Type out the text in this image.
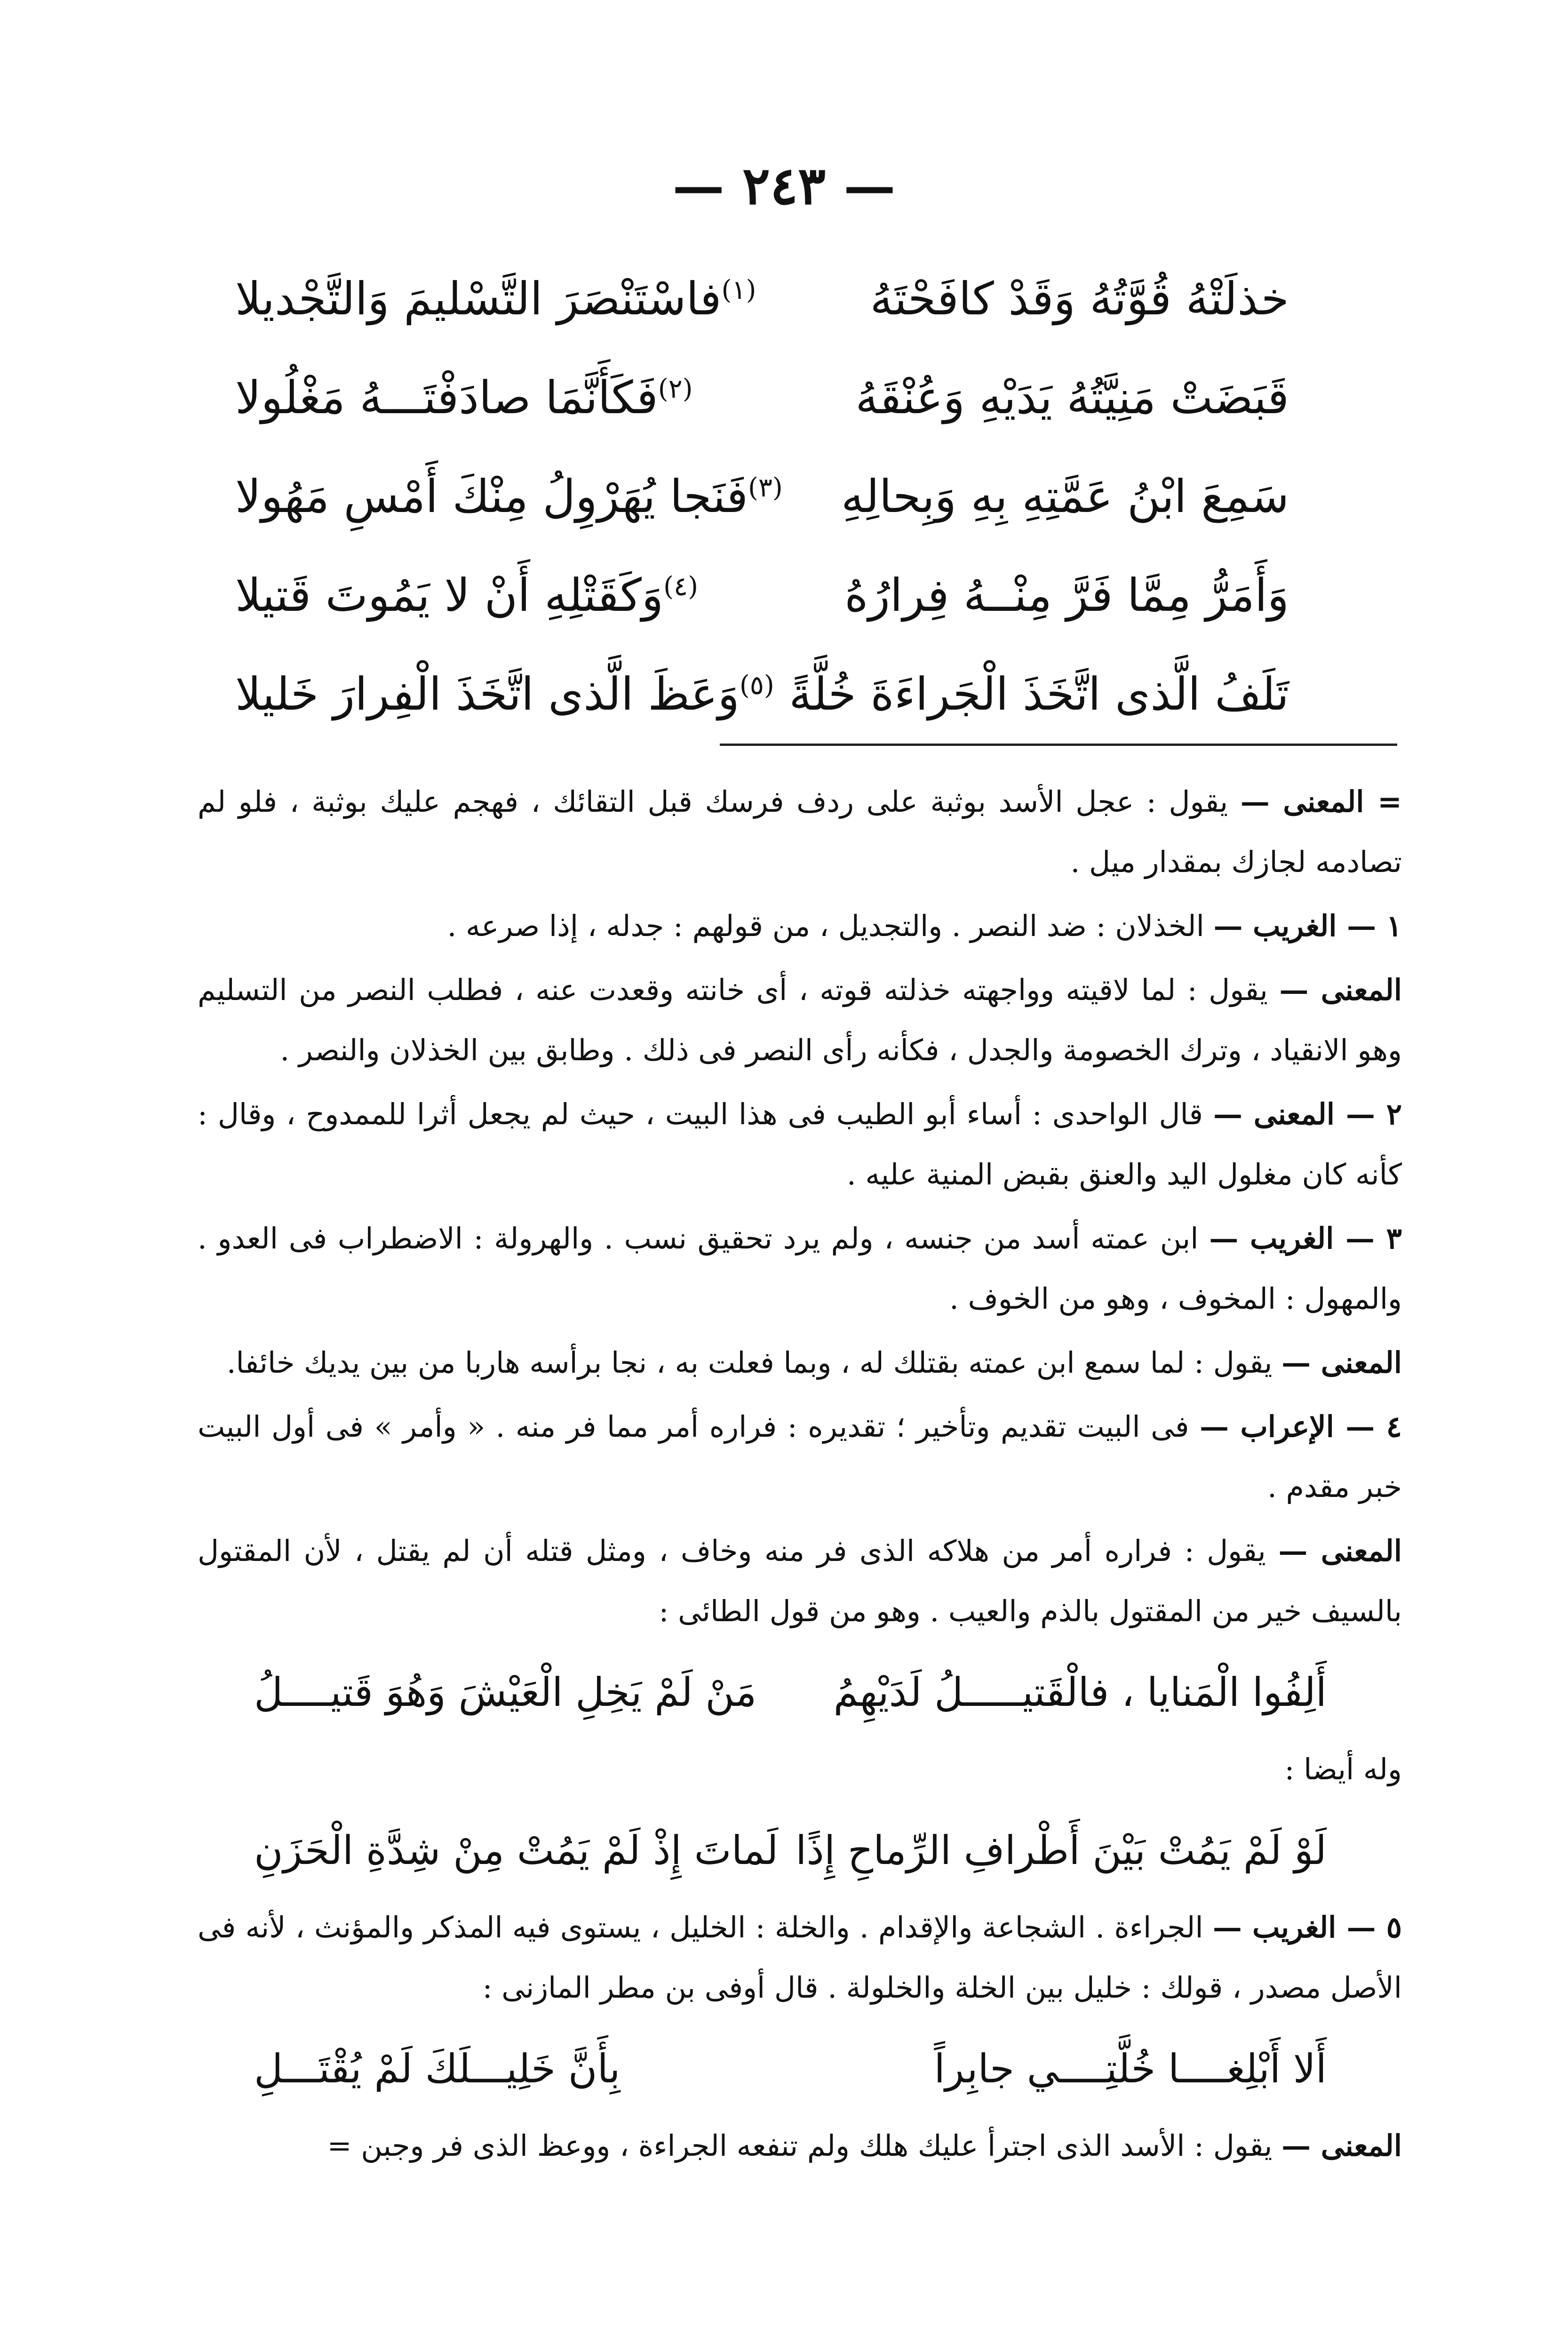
— ٢٤٣ —
خذلَتْهُ قُوَّتُهُ وَقَدْ كافَحْتَهُ
$^{(١)}$فاسْتَنْصَرَ التَّسْليمَ وَالتَّجْديلا
قَبَضَتْ مَنِيَّتُهُ يَدَيْهِ وَعُنْقَهُ
$^{(٢)}$فَكَأَنَّمَا صادَفْتَـــهُ مَغْلُولا
سَمِعَ ابْنُ عَمَّتِهِ بِهِ وَبِحالِهِ
$^{(٣)}$فَنَجا يُهَرْوِلُ مِنْكَ أَمْسِ مَهُولا
وَأَمَرُّ مِمَّا فَرَّ مِنْــهُ فِرارُهُ
$^{(٤)}$وَكَقَتْلِهِ أَنْ لا يَمُوتَ قَتيلا
تَلَفُ الَّذى اتَّخَذَ الْجَراءَةَ خُلَّةً
$^{(٥)}$وَعَظَ الَّذى اتَّخَذَ الْفِرارَ خَليلا

= المعنى — يقول : عجل الأسد بوثبة على ردف فرسك قبل التقائك ، فهجم عليك بوثبة ، فلو لم تصادمه لجازك بمقدار ميل .

١ — الغريب — الخذلان : ضد النصر . والتجديل ، من قولهم : جدله ، إذا صرعه .

المعنى — يقول : لما لاقيته وواجهته خذلته قوته ، أى خانته وقعدت عنه ، فطلب النصر من التسليم وهو الانقياد ، وترك الخصومة والجدل ، فكأنه رأى النصر فى ذلك . وطابق بين الخذلان والنصر .

٢ — المعنى — قال الواحدى : أساء أبو الطيب فى هذا البيت ، حيث لم يجعل أثرا للممدوح ، وقال : كأنه كان مغلول اليد والعنق بقبض المنية عليه .

٣ — الغريب — ابن عمته أسد من جنسه ، ولم يرد تحقيق نسب . والهرولة : الاضطراب فى العدو . والمهول : المخوف ، وهو من الخوف .

المعنى — يقول : لما سمع ابن عمته بقتلك له ، وبما فعلت به ، نجا برأسه هاربا من بين يديك خائفا.

٤ — الإعراب — فى البيت تقديم وتأخير ؛ تقديره : فراره أمر مما فر منه . « وأمر » فى أول البيت خبر مقدم .

المعنى — يقول : فراره أمر من هلاكه الذى فر منه وخاف ، ومثل قتله أن لم يقتل ، لأن المقتول بالسيف خير من المقتول بالذم والعيب . وهو من قول الطائى :

أَلِفُوا الْمَنايا ، فالْقَتيـــــلُ لَدَيْهِمُ
مَنْ لَمْ يَخِلِ الْعَيْشَ وَهُوَ قَتيــــلُ

وله أيضا :

لَوْ لَمْ يَمُتْ بَيْنَ أَطْرافِ الرِّماحِ إِذًا
لَماتَ إِذْ لَمْ يَمُتْ مِنْ شِدَّةِ الْحَزَنِ

٥ — الغريب — الجراءة . الشجاعة والإقدام . والخلة : الخليل ، يستوى فيه المذكر والمؤنث ، لأنه فى الأصل مصدر ، قولك : خليل بين الخلة والخلولة . قال أوفى بن مطر المازنى :

أَلا أَبْلِغــــا خُلَّتِــــي جابِراً
بِأَنَّ خَلِيـــلَكَ لَمْ يُقْتَـــلِ

المعنى — يقول : الأسد الذى اجترأ عليك هلك ولم تنفعه الجراءة ، ووعظ الذى فر وجبن =
